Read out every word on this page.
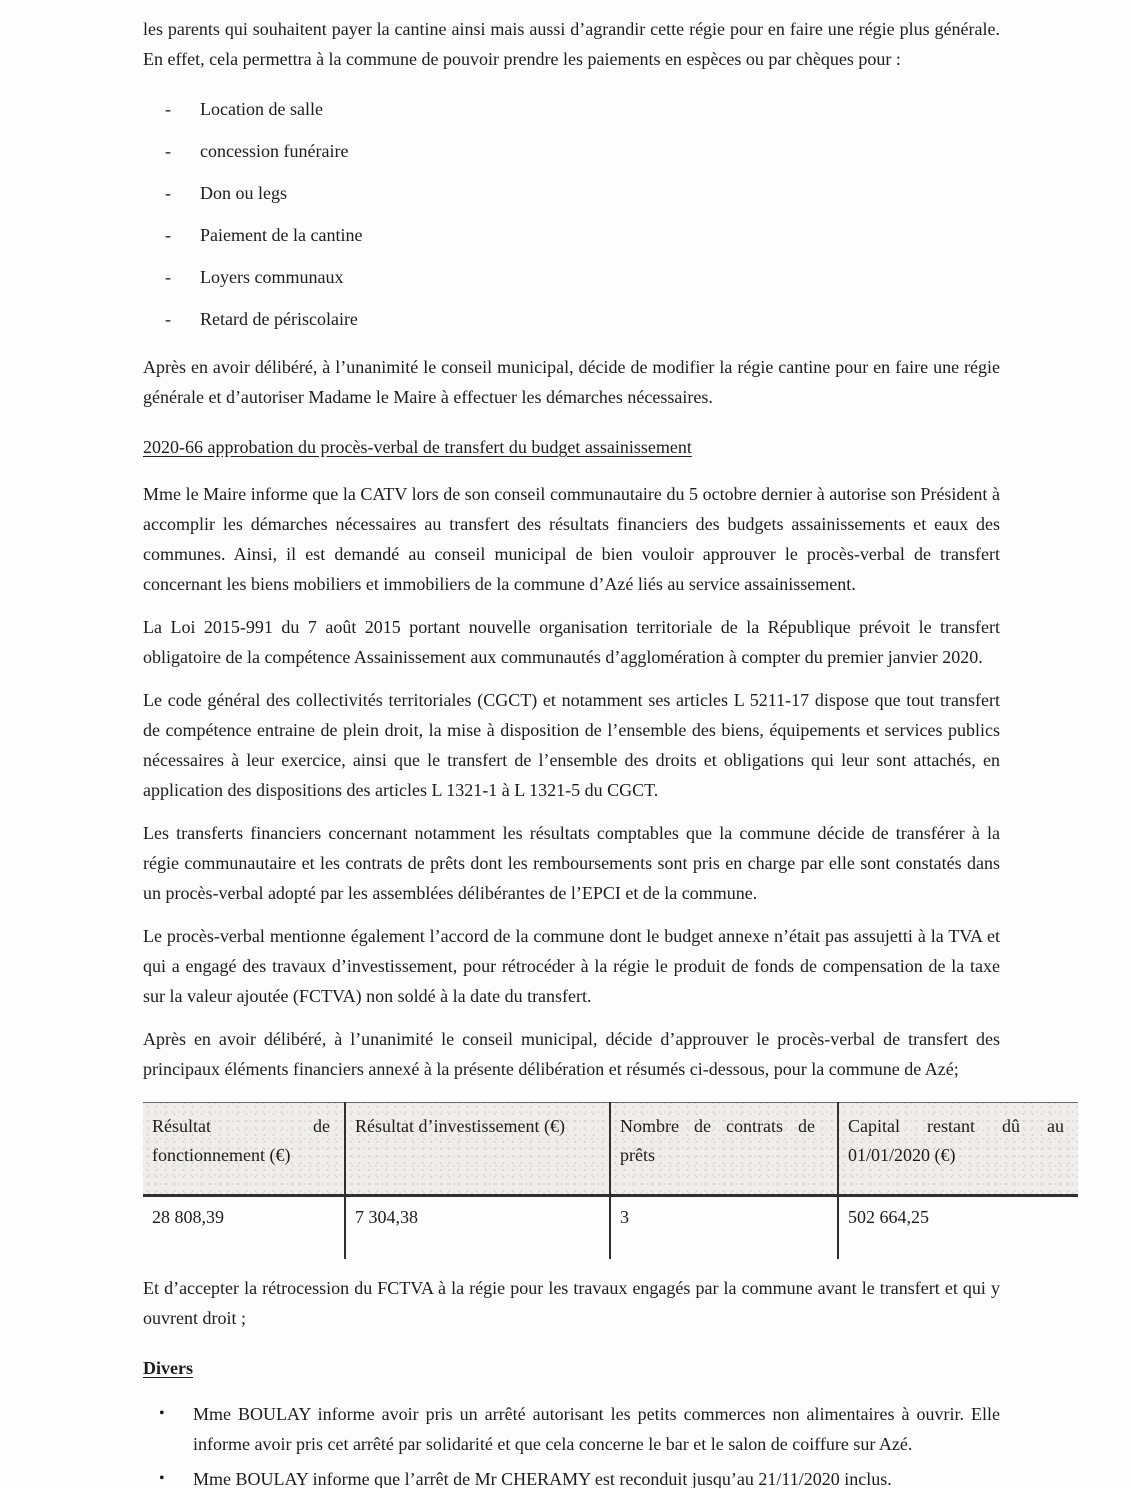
les parents qui souhaitent payer la cantine ainsi mais aussi d’agrandir cette régie pour en faire une régie plus générale. En effet, cela permettra à la commune de pouvoir prendre les paiements en espèces ou par chèques pour :

-	Location de salle
-	concession funéraire
-	Don ou legs
-	Paiement de la cantine
-	Loyers communaux
-	Retard de périscolaire

Après en avoir délibéré, à l’unanimité le conseil municipal, décide de modifier la régie cantine pour en faire une régie générale et d’autoriser Madame le Maire à effectuer les démarches nécessaires.

2020-66 approbation du procès-verbal de transfert du budget assainissement

Mme le Maire informe que la CATV lors de son conseil communautaire du 5 octobre dernier à autorise son Président à accomplir les démarches nécessaires au transfert des résultats financiers des budgets assainissements et eaux des communes. Ainsi, il est demandé au conseil municipal de bien vouloir approuver le procès-verbal de transfert concernant les biens mobiliers et immobiliers de la commune d’Azé liés au service assainissement.

La Loi 2015-991 du 7 août 2015 portant nouvelle organisation territoriale de la République prévoit le transfert obligatoire de la compétence Assainissement aux communautés d’agglomération à compter du premier janvier 2020.

Le code général des collectivités territoriales (CGCT) et notamment ses articles L 5211-17 dispose que tout transfert de compétence entraine de plein droit, la mise à disposition de l’ensemble des biens, équipements et services publics nécessaires à leur exercice, ainsi que le transfert de l’ensemble des droits et obligations qui leur sont attachés, en application des dispositions des articles L 1321-1 à L 1321-5 du CGCT.

Les transferts financiers concernant notamment les résultats comptables que la commune décide de transférer à la régie communautaire et les contrats de prêts dont les remboursements sont pris en charge par elle sont constatés dans un procès-verbal adopté par les assemblées délibérantes de l’EPCI et de la commune.

Le procès-verbal mentionne également l’accord de la commune dont le budget annexe n’était pas assujetti à la TVA et qui a engagé des travaux d’investissement, pour rétrocéder à la régie le produit de fonds de compensation de la taxe sur la valeur ajoutée (FCTVA) non soldé à la date du transfert.

Après en avoir délibéré, à l’unanimité le conseil municipal, décide d’approuver le procès-verbal de transfert des principaux éléments financiers annexé à la présente délibération et résumés ci-dessous, pour la commune de Azé;

Résultat de fonctionnement (€)	Résultat d’investissement (€)	Nombre de contrats de prêts	Capital restant dû au 01/01/2020 (€)
28 808,39	7 304,38	3	502 664,25

Et d’accepter la rétrocession du FCTVA à la régie pour les travaux engagés par la commune avant le transfert et qui y ouvrent droit ;

Divers
•	Mme BOULAY informe avoir pris un arrêté autorisant les petits commerces non alimentaires à ouvrir. Elle informe avoir pris cet arrêté par solidarité et que cela concerne le bar et le salon de coiffure sur Azé.
•	Mme BOULAY informe que l’arrêt de Mr CHERAMY est reconduit jusqu’au 21/11/2020 inclus.
